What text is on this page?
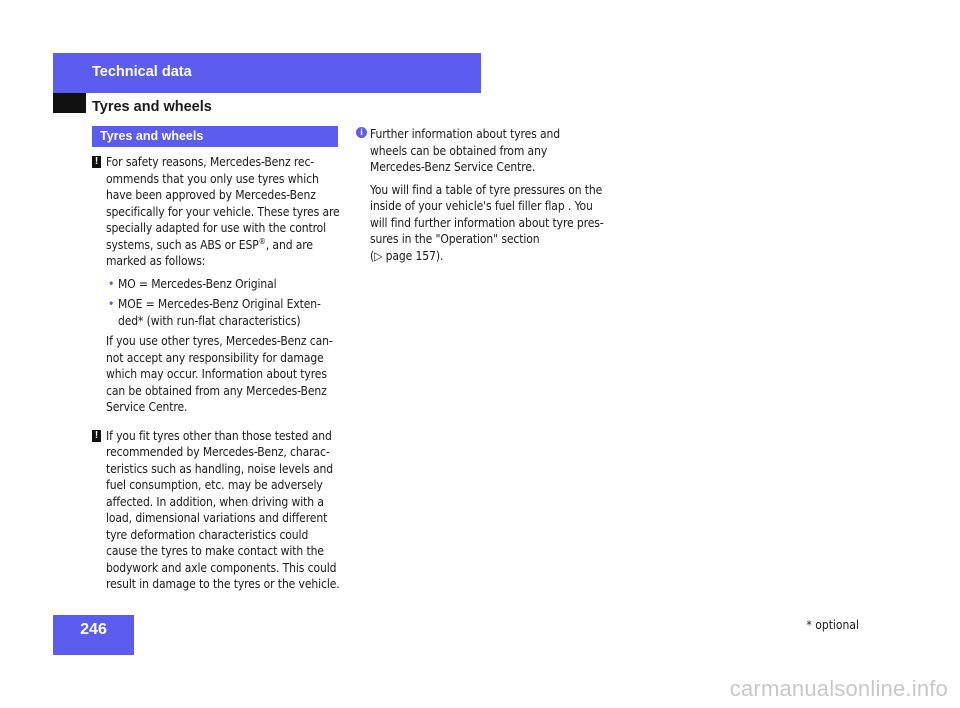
Technical data
Tyres and wheels
Tyres and wheels
! For safety reasons, Mercedes-Benz rec-
ommends that you only use tyres which
have been approved by Mercedes-Benz
specifically for your vehicle. These tyres are
specially adapted for use with the control
systems, such as ABS or ESP®, and are
marked as follows:
• MO = Mercedes-Benz Original
• MOE = Mercedes-Benz Original Exten-
ded* (with run-flat characteristics)
If you use other tyres, Mercedes-Benz can-
not accept any responsibility for damage
which may occur. Information about tyres
can be obtained from any Mercedes-Benz
Service Centre.
! If you fit tyres other than those tested and
recommended by Mercedes-Benz, charac-
teristics such as handling, noise levels and
fuel consumption, etc. may be adversely
affected. In addition, when driving with a
load, dimensional variations and different
tyre deformation characteristics could
cause the tyres to make contact with the
bodywork and axle components. This could
result in damage to the tyres or the vehicle.
i Further information about tyres and
wheels can be obtained from any
Mercedes-Benz Service Centre.
You will find a table of tyre pressures on the
inside of your vehicle's fuel filler flap . You
will find further information about tyre pres-
sures in the "Operation" section
(▷ page 157).
246	* optional
carmanualsonline.info
